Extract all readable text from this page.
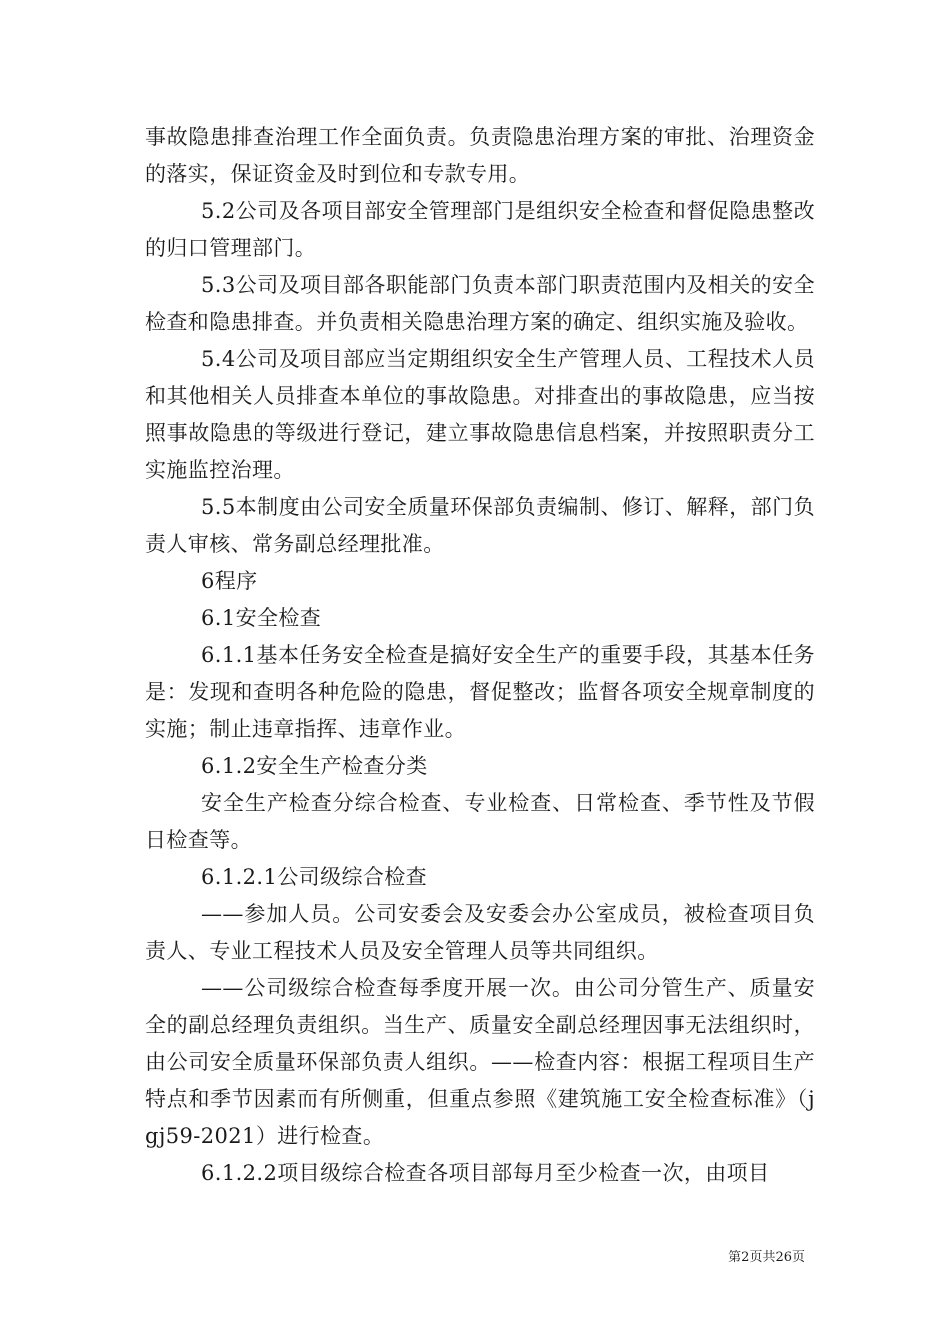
事故隐患排查治理工作全面负责。负责隐患治理方案的审批、治理资金的落实，保证资金及时到位和专款专用。

5.2公司及各项目部安全管理部门是组织安全检查和督促隐患整改的归口管理部门。

5.3公司及项目部各职能部门负责本部门职责范围内及相关的安全检查和隐患排查。并负责相关隐患治理方案的确定、组织实施及验收。

5.4公司及项目部应当定期组织安全生产管理人员、工程技术人员和其他相关人员排查本单位的事故隐患。对排查出的事故隐患，应当按照事故隐患的等级进行登记，建立事故隐患信息档案，并按照职责分工实施监控治理。

5.5本制度由公司安全质量环保部负责编制、修订、解释，部门负责人审核、常务副总经理批准。

6程序

6.1安全检查

6.1.1基本任务安全检查是搞好安全生产的重要手段，其基本任务是：发现和查明各种危险的隐患，督促整改；监督各项安全规章制度的实施；制止违章指挥、违章作业。

6.1.2安全生产检查分类

安全生产检查分综合检查、专业检查、日常检查、季节性及节假日检查等。

6.1.2.1公司级综合检查

——参加人员。公司安委会及安委会办公室成员，被检查项目负责人、专业工程技术人员及安全管理人员等共同组织。

——公司级综合检查每季度开展一次。由公司分管生产、质量安全的副总经理负责组织。当生产、质量安全副总经理因事无法组织时，由公司安全质量环保部负责人组织。——检查内容：根据工程项目生产特点和季节因素而有所侧重，但重点参照《建筑施工安全检查标准》（jgj59-2021）进行检查。

6.1.2.2项目级综合检查各项目部每月至少检查一次，由项目

第2页共26页
